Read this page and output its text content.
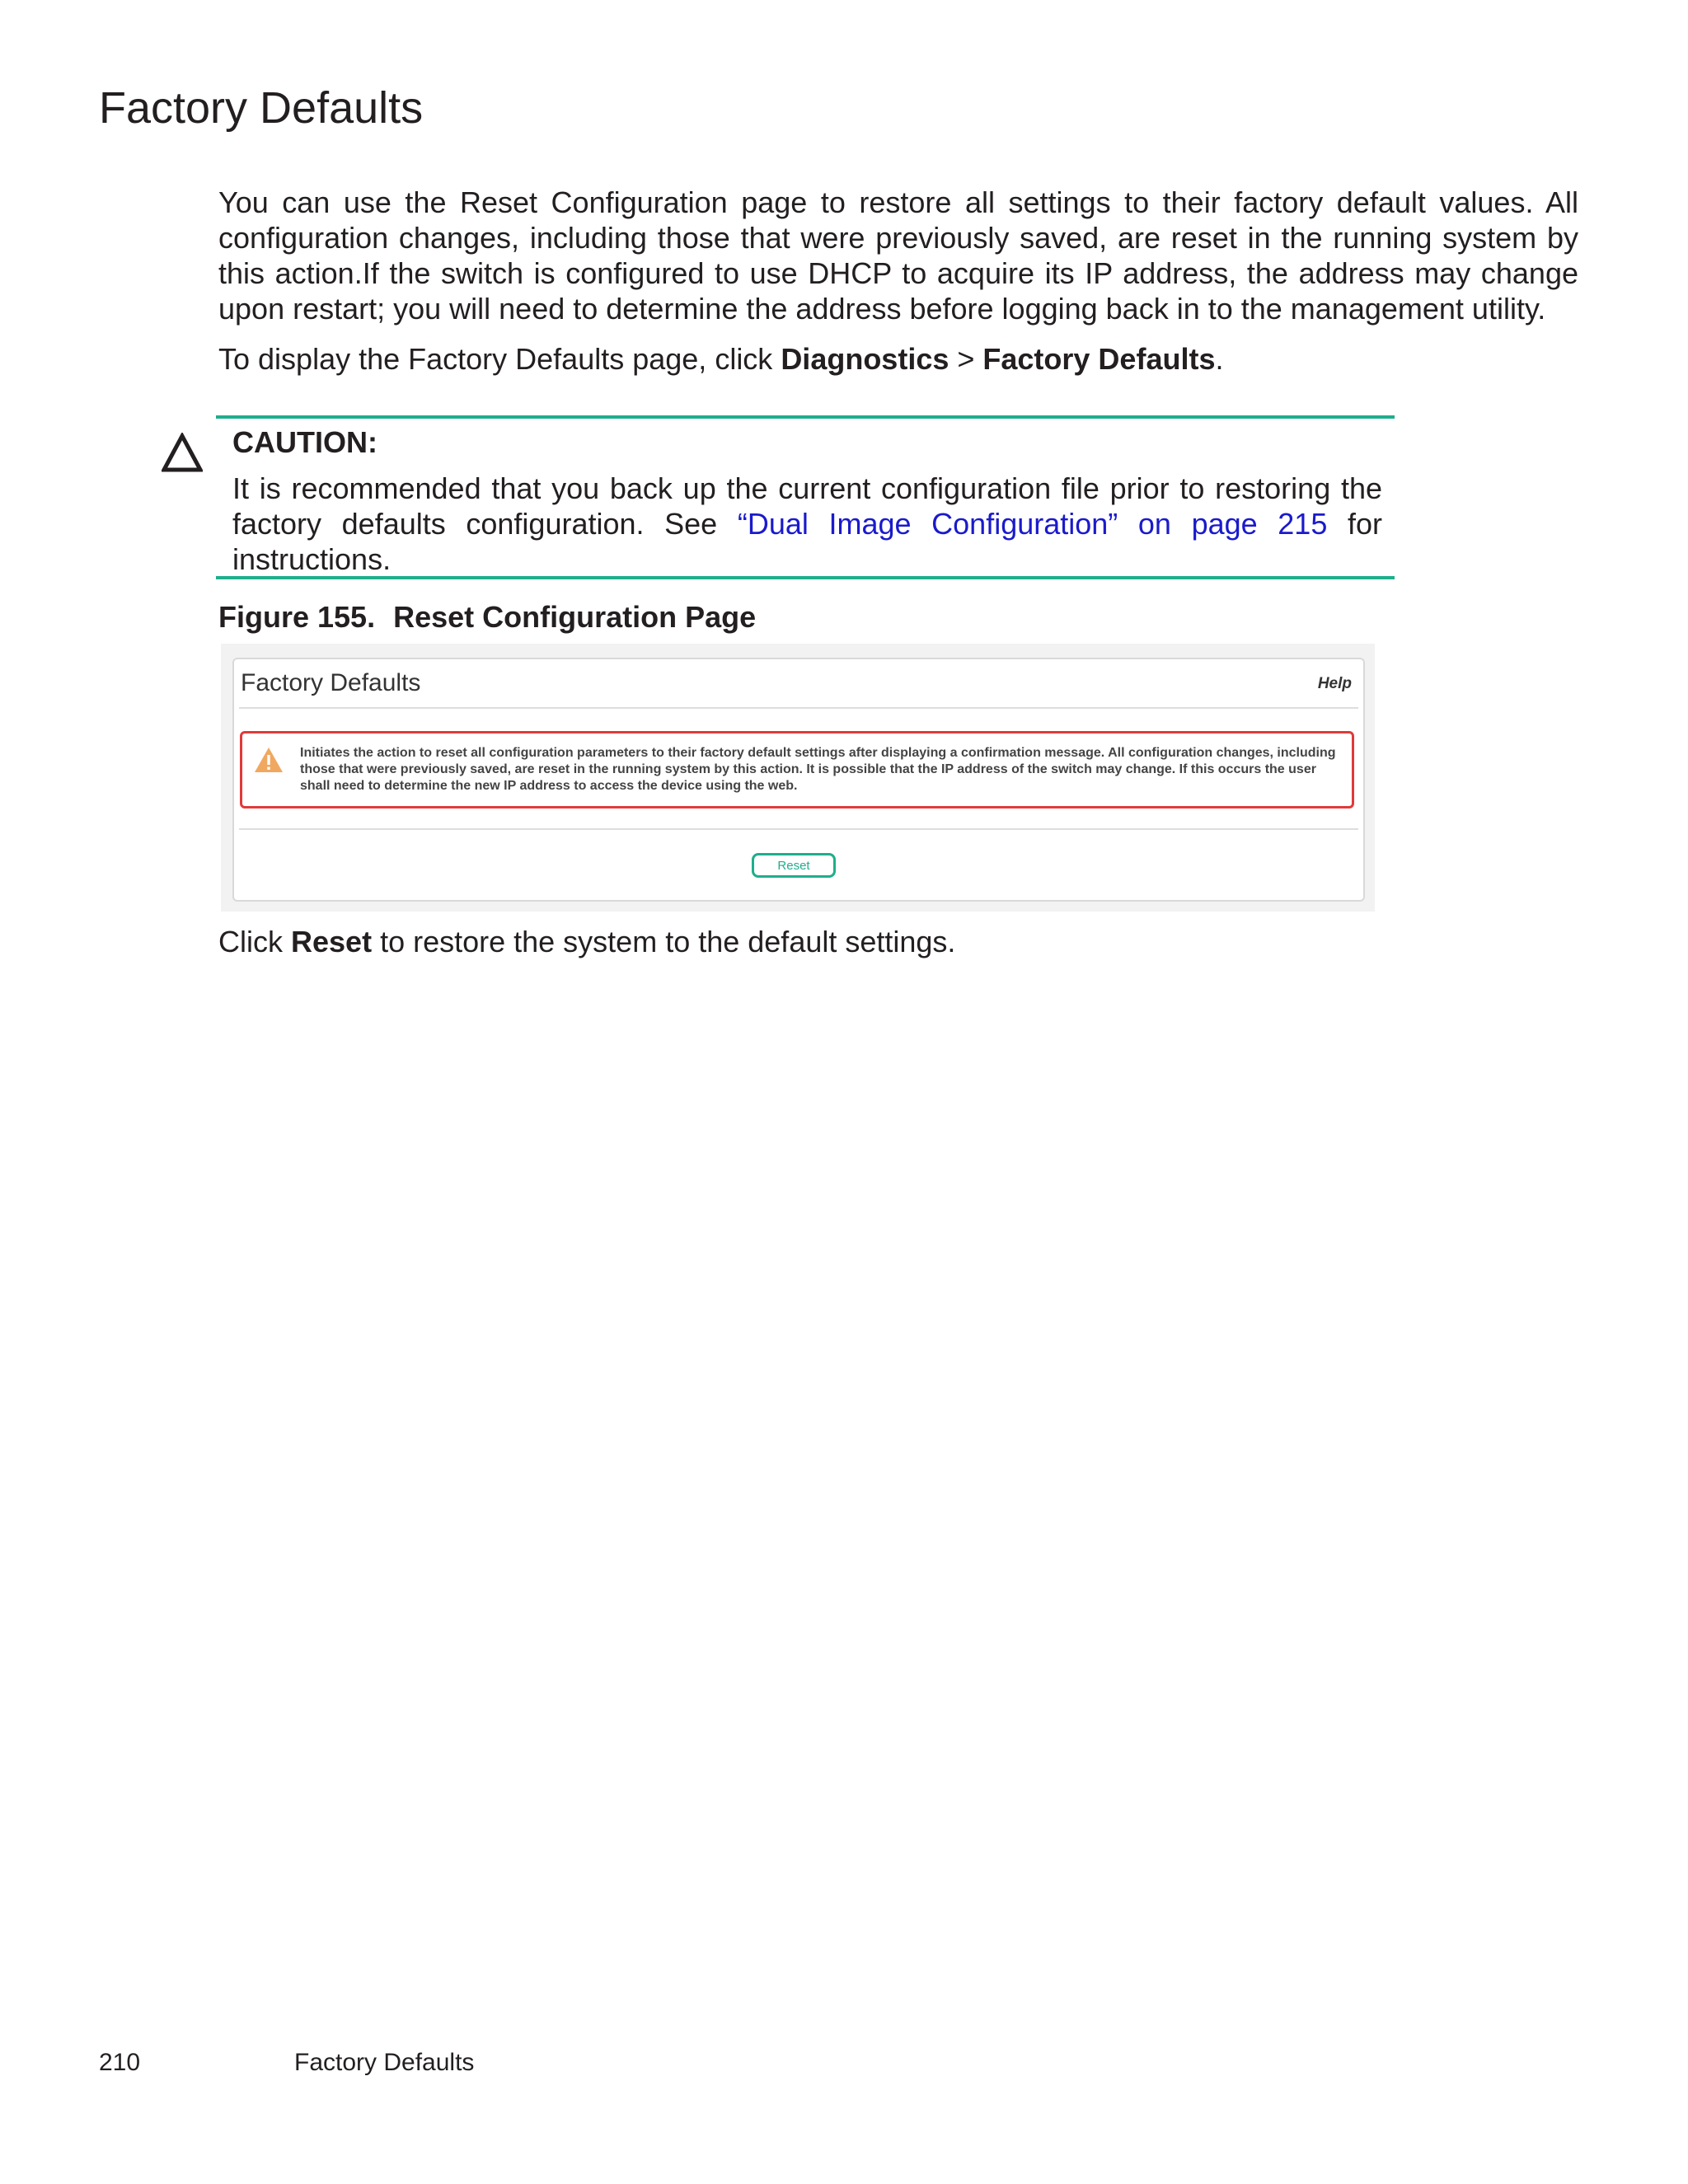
Factory Defaults

You can use the Reset Configuration page to restore all settings to their factory default values. All configuration changes, including those that were previously saved, are reset in the running system by this action.If the switch is configured to use DHCP to acquire its IP address, the address may change upon restart; you will need to determine the address before logging back in to the management utility.

To display the Factory Defaults page, click Diagnostics > Factory Defaults.

CAUTION:
It is recommended that you back up the current configuration file prior to restoring the factory defaults configuration. See “Dual Image Configuration” on page 215 for instructions.
Figure 155. Reset Configuration Page
Factory Defaults	Help
Initiates the action to reset all configuration parameters to their factory default settings after displaying a confirmation message. All configuration changes, including those that were previously saved, are reset in the running system by this action. It is possible that the IP address of the switch may change. If this occurs the user shall need to determine the new IP address to access the device using the web.
Reset

Click Reset to restore the system to the default settings.

210	Factory Defaults
